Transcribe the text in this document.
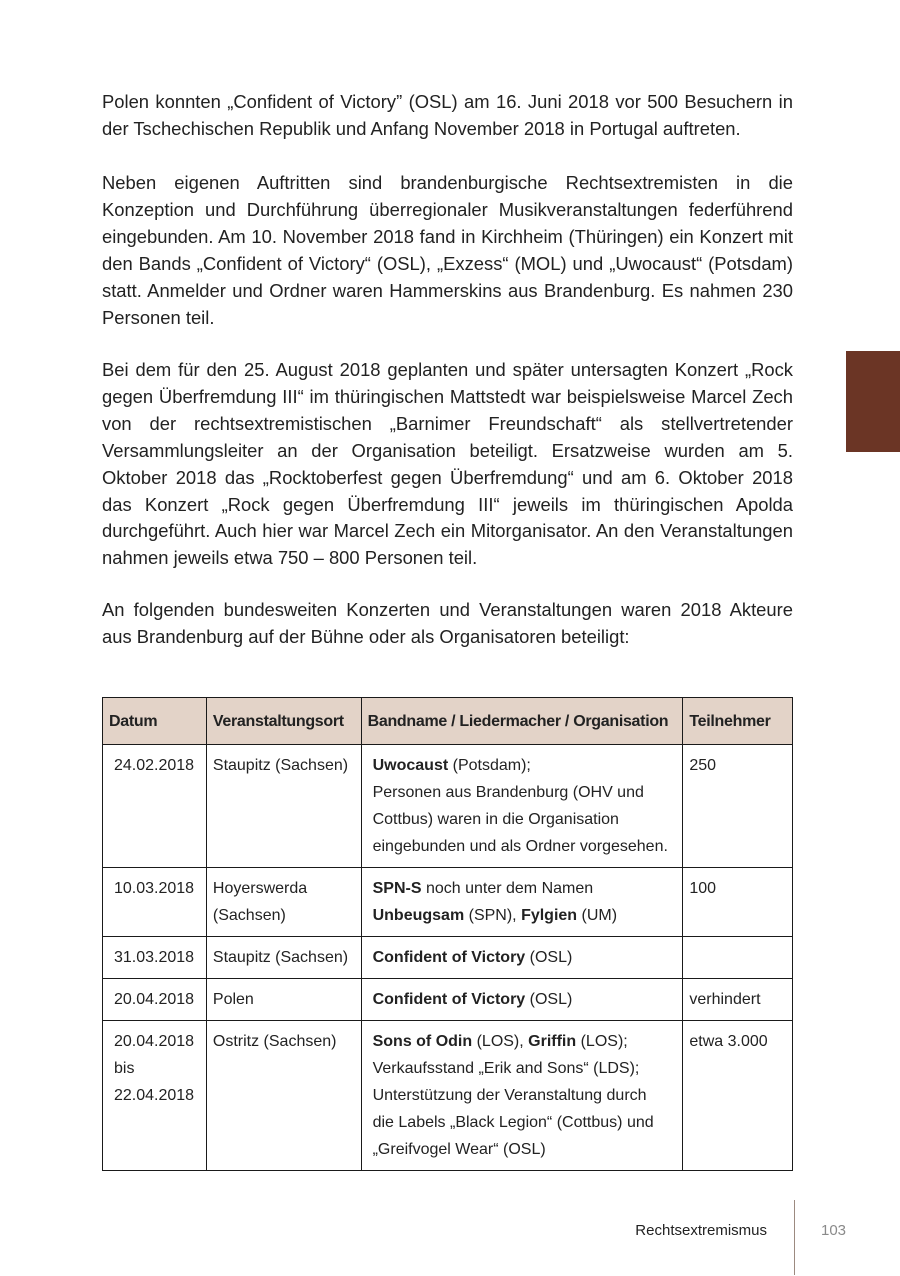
Polen konnten „Confident of Victory” (OSL) am 16. Juni 2018 vor 500 Besuchern in der Tschechischen Republik und Anfang November 2018 in Portugal auftreten.

Neben eigenen Auftritten sind brandenburgische Rechtsextremisten in die Konzeption und Durchführung überregionaler Musikveranstaltungen federführend eingebunden. Am 10. November 2018 fand in Kirchheim (Thüringen) ein Konzert mit den Bands „Confident of Victory“ (OSL), „Exzess“ (MOL) und „Uwocaust“ (Potsdam) statt. Anmelder und Ordner waren Hammerskins aus Brandenburg. Es nahmen 230 Personen teil.

Bei dem für den 25. August 2018 geplanten und später untersagten Konzert „Rock gegen Überfremdung III“ im thüringischen Mattstedt war beispielsweise Marcel Zech von der rechtsextremistischen „Barnimer Freundschaft“ als stellvertretender Versammlungsleiter an der Organisation beteiligt. Ersatzweise wurden am 5. Oktober 2018 das „Rocktoberfest gegen Überfremdung“ und am 6. Oktober 2018 das Konzert „Rock gegen Überfremdung III“ jeweils im thüringischen Apolda durchgeführt. Auch hier war Marcel Zech ein Mitorganisator. An den Veranstaltungen nahmen jeweils etwa 750 – 800 Personen teil.

An folgenden bundesweiten Konzerten und Veranstaltungen waren 2018 Akteure aus Brandenburg auf der Bühne oder als Organisatoren beteiligt:

Datum	Veranstaltungsort	Bandname / Liedermacher / Organisation	Teilnehmer

24.02.2018	Staupitz (Sachsen)	Uwocaust (Potsdam);
Personen aus Brandenburg (OHV und
Cottbus) waren in die Organisation
eingebunden und als Ordner vorgesehen.	250

10.03.2018	Hoyerswerda
(Sachsen)	SPN-S noch unter dem Namen
Unbeugsam (SPN), Fylgien (UM)	100

31.03.2018	Staupitz (Sachsen)	Confident of Victory (OSL)	

20.04.2018	Polen	Confident of Victory (OSL)	verhindert

20.04.2018
bis
22.04.2018	Ostritz (Sachsen)	Sons of Odin (LOS), Griffin (LOS);
Verkaufsstand „Erik and Sons“ (LDS);
Unterstützung der Veranstaltung durch
die Labels „Black Legion“ (Cottbus) und
„Greifvogel Wear“ (OSL)	etwa 3.000
Rechtsextremismus	103
